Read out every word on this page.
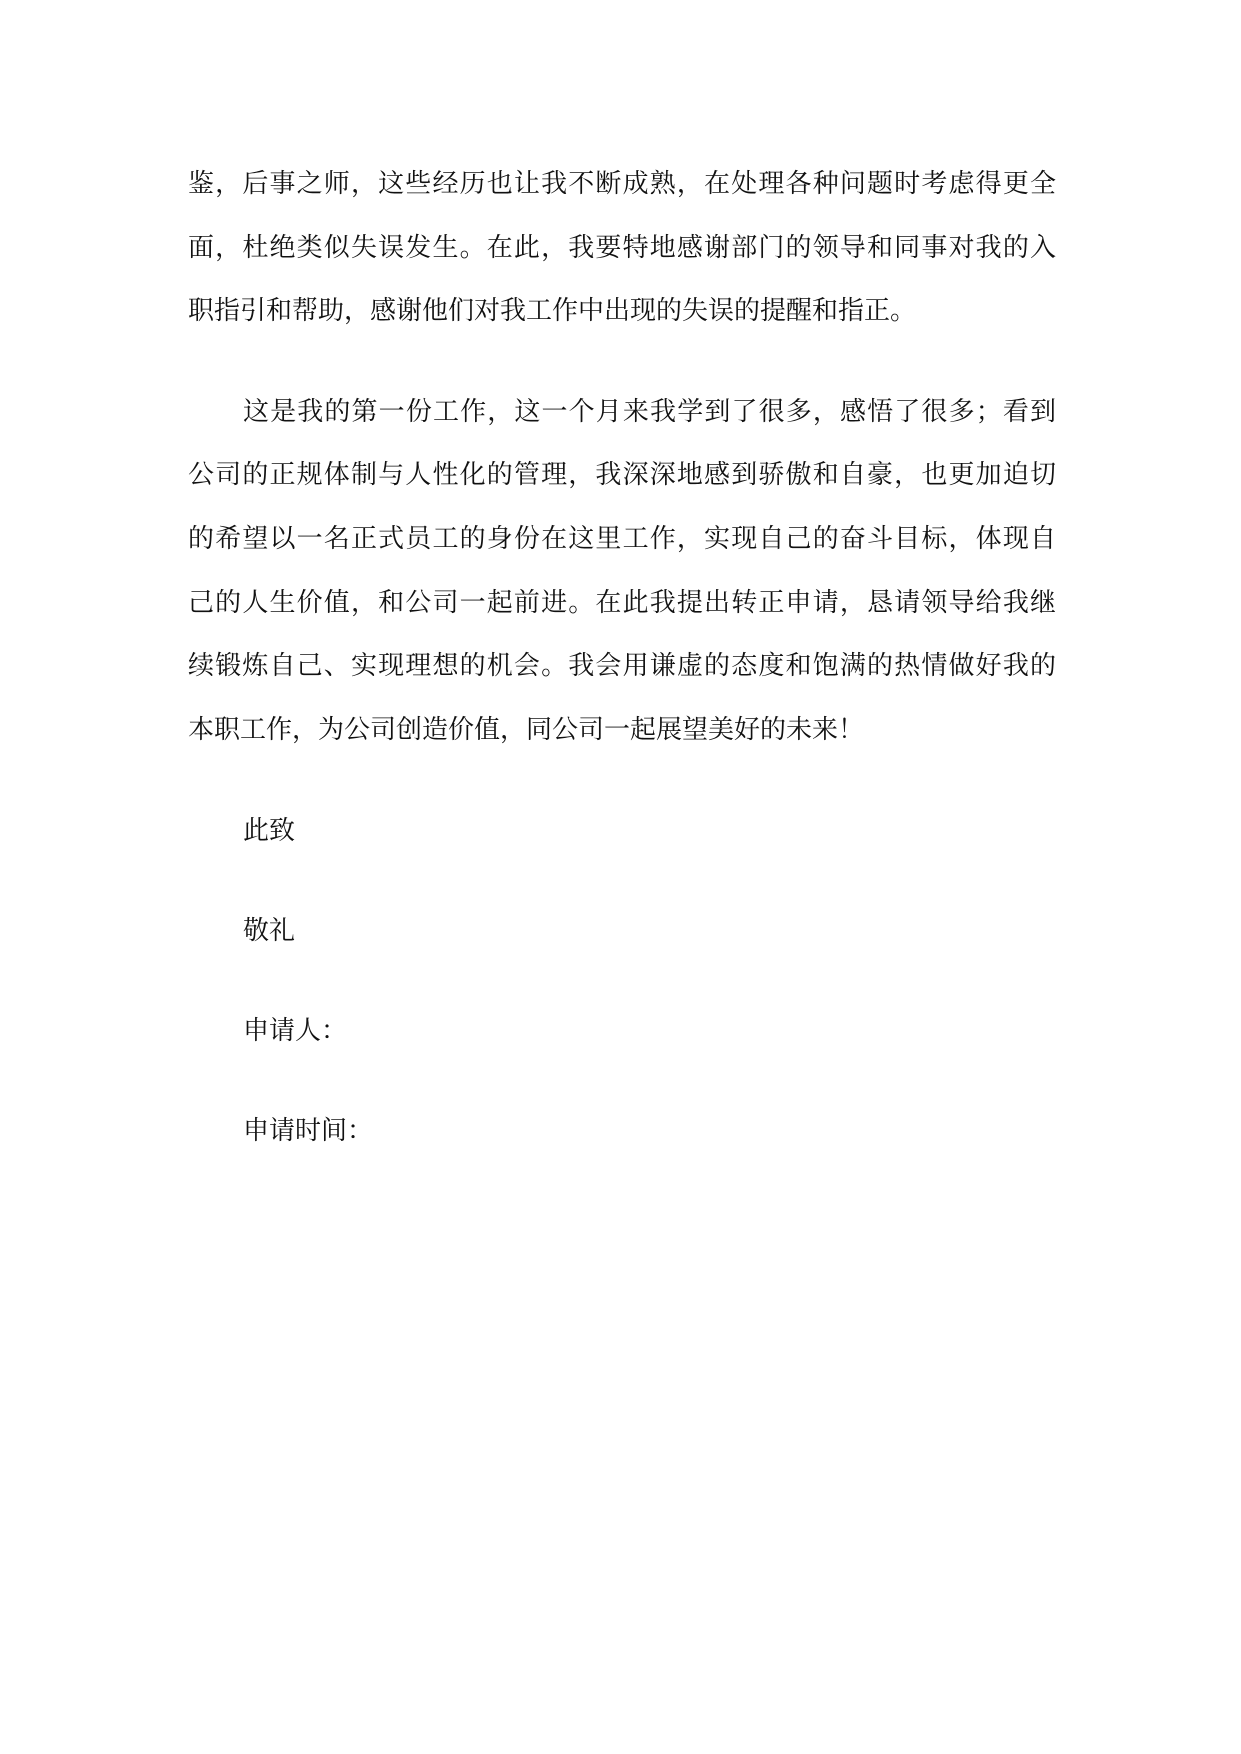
鉴，后事之师，这些经历也让我不断成熟，在处理各种问题时考虑得更全
面，杜绝类似失误发生。在此，我要特地感谢部门的领导和同事对我的入
职指引和帮助，感谢他们对我工作中出现的失误的提醒和指正。
这是我的第一份工作，这一个月来我学到了很多，感悟了很多；看到
公司的正规体制与人性化的管理，我深深地感到骄傲和自豪，也更加迫切
的希望以一名正式员工的身份在这里工作，实现自己的奋斗目标，体现自
己的人生价值，和公司一起前进。在此我提出转正申请，恳请领导给我继
续锻炼自己、实现理想的机会。我会用谦虚的态度和饱满的热情做好我的
本职工作，为公司创造价值，同公司一起展望美好的未来！
此致
敬礼
申请人：
申请时间：
